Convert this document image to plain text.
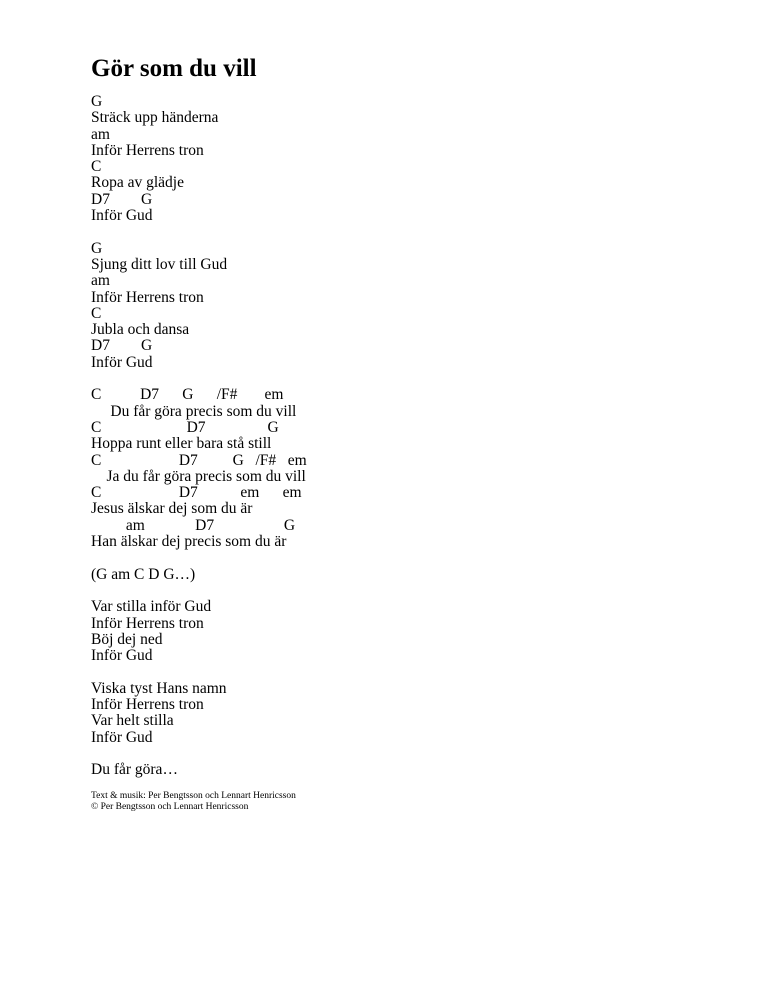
Gör som du vill
G
Sträck upp händerna
am
Inför Herrens tron
C
Ropa av glädje
D7        G
Inför Gud
G
Sjung ditt lov till Gud
am
Inför Herrens tron
C
Jubla och dansa
D7        G
Inför Gud
C          D7      G      /F#       em
Du får göra precis som du vill
C                      D7                G
Hoppa runt eller bara stå still
C                    D7         G   /F#   em
Ja du får göra precis som du vill
C                    D7           em      em
Jesus älskar dej som du är
am             D7                  G
Han älskar dej precis som du är
(G am C D G…)
Var stilla inför Gud
Inför Herrens tron
Böj dej ned
Inför Gud
Viska tyst Hans namn
Inför Herrens tron
Var helt stilla
Inför Gud
Du får göra…
Text & musik: Per Bengtsson och Lennart Henricsson
© Per Bengtsson och Lennart Henricsson
